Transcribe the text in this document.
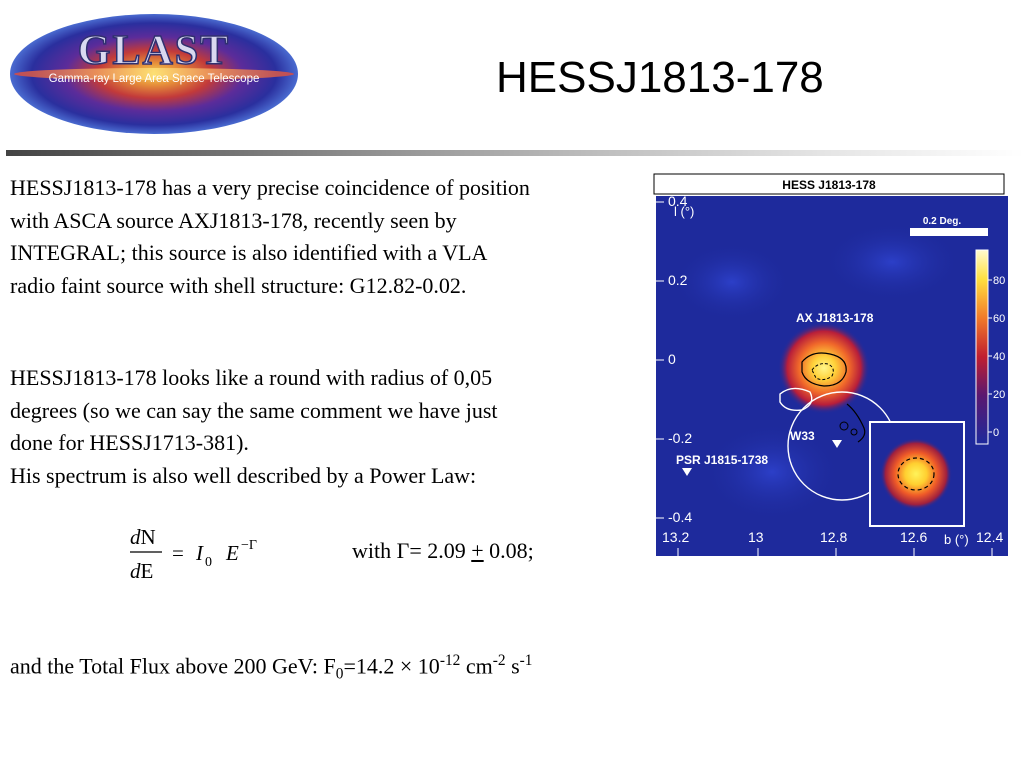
GLAST
Gamma-ray Large Area Space Telescope	HESSJ1813-178
HESSJ1813-178 has a very precise coincidence of position
with ASCA source AXJ1813-178, recently seen by
INTEGRAL; this source is also identified with a VLA
radio faint source with shell structure: G12.82-0.02.
HESSJ1813-178 looks like a round with radius of 0,05
degrees (so we can say the same comment we have just
done for HESSJ1713-381).
His spectrum is also well described by a Power Law:
dN
dE
= I 0 E −Γ	with Γ= 2.09 + 0.08;
and the Total Flux above 200 GeV: $F_0=14.2 \times 10^{-12}$ $cm^{-2}$ $s^{-1}$
HESS J1813-178
AX J1813-178
W33
PSR J1815-1738
0.2 Deg.
80
60
40
20
0
l (°)
0.4
0.2
0
-0.2
-0.4
13.2	13	12.8	12.6	12.4
b (°)
